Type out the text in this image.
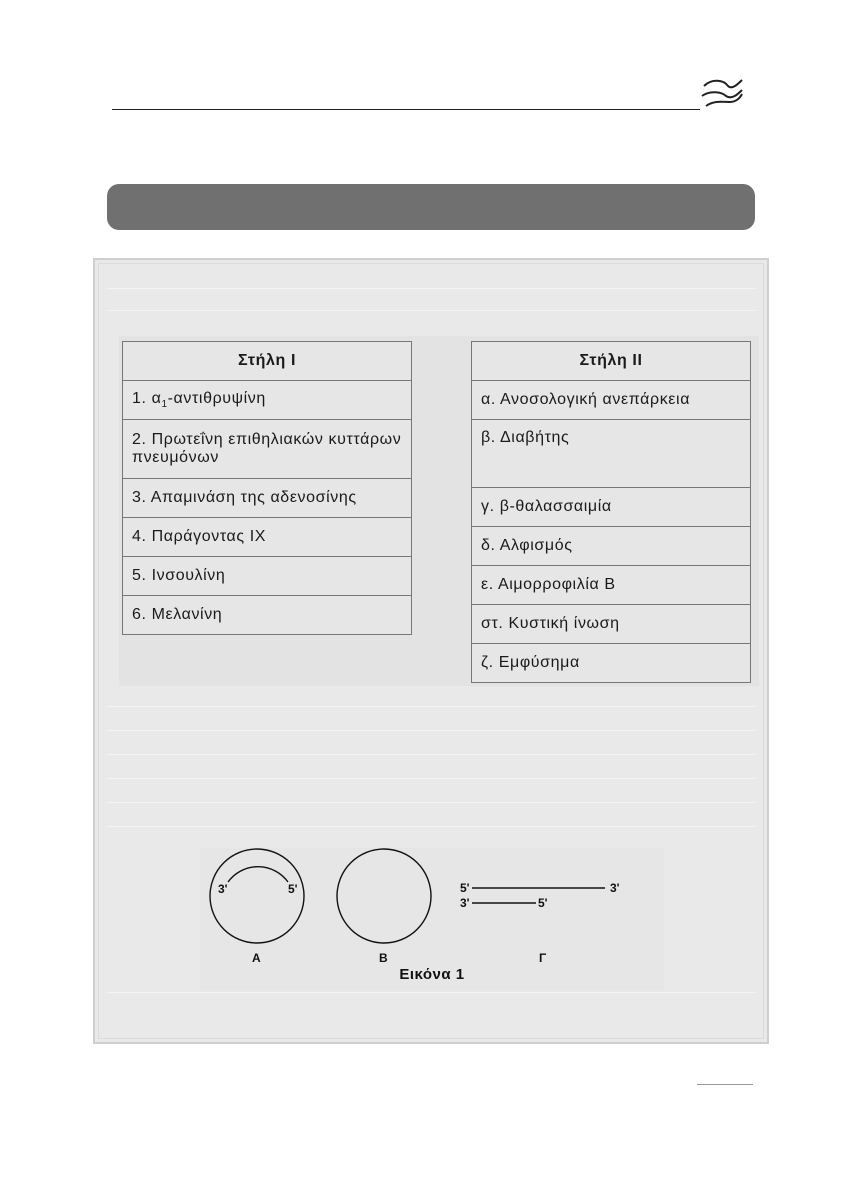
Στήλη Ι
1. $\alpha_1$-αντιθρυψίνη
2. Πρωτεΐνη επιθηλιακών κυττάρων πνευμόνων
3. Απαμινάση της αδενοσίνης
4. Παράγοντας ΙΧ
5. Ινσουλίνη
6. Μελανίνη
Στήλη ΙΙ
α. Ανοσολογική ανεπάρκεια
β. Διαβήτης
γ. β-θαλασσαιμία
δ. Αλφισμός
ε. Αιμορροφιλία Β
στ. Κυστική ίνωση
ζ. Εμφύσημα
3'	5'
Α	Β
5'	3'
3'	5'
Γ
Εικόνα 1
